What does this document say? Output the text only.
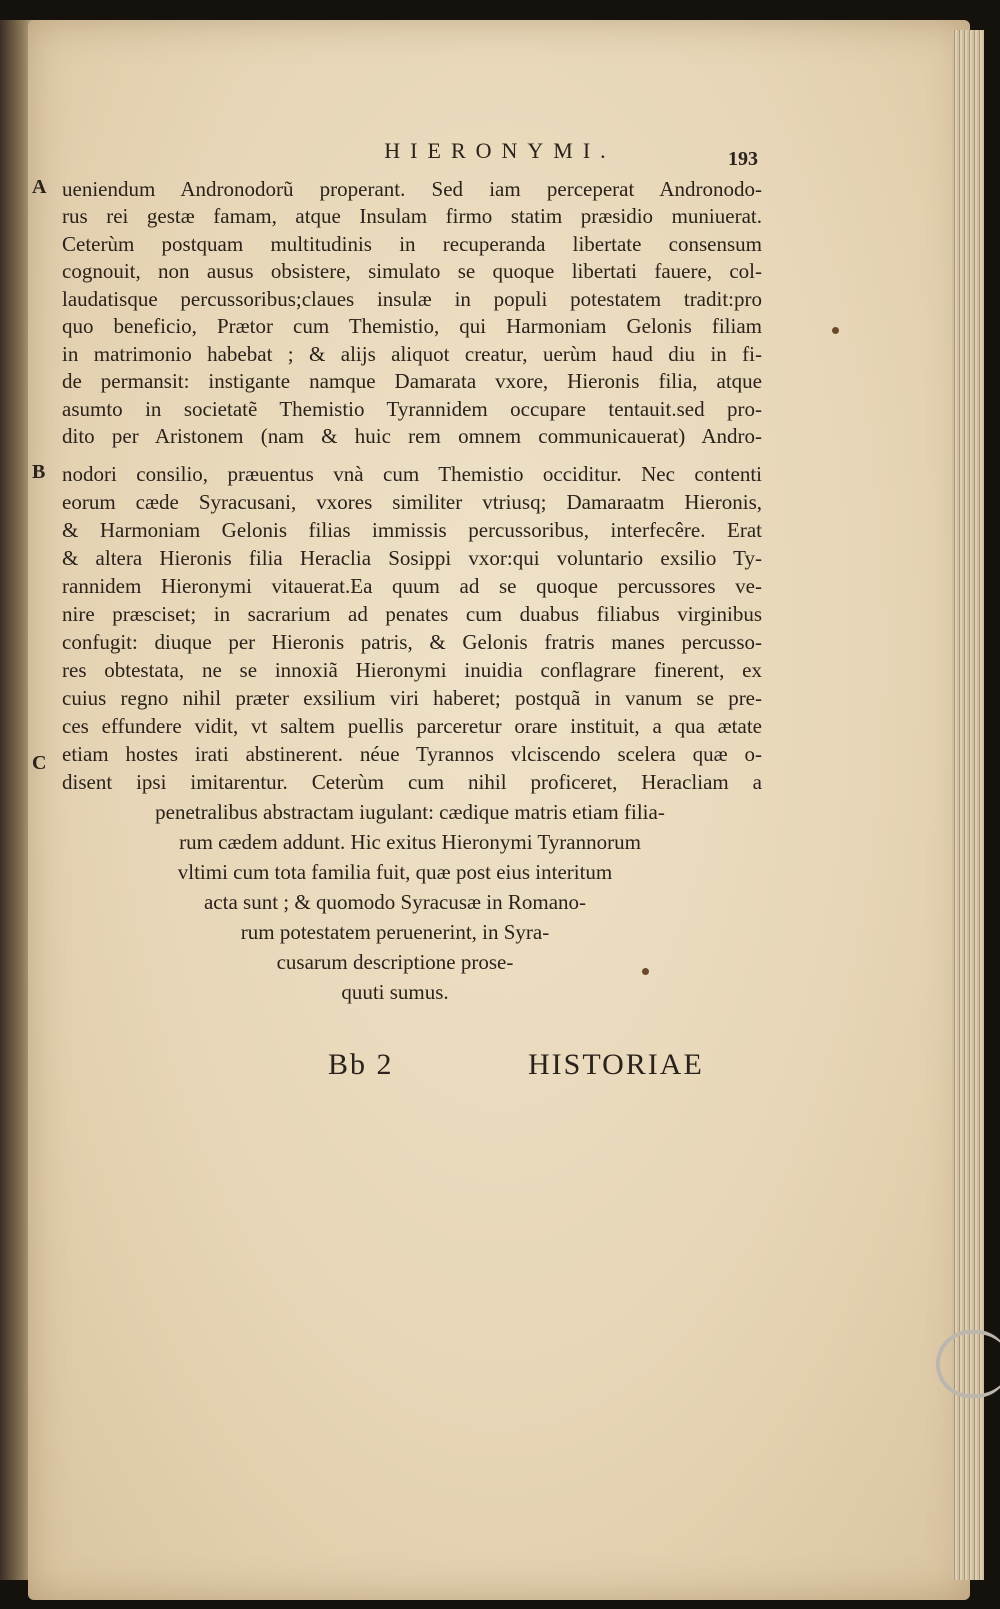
HIERONYMI.	193
A
B
C
ueniendum Andronodorũ properant. Sed iam perceperat Andronodo-
rus rei gestæ famam, atque Insulam firmo statim præsidio muniuerat.
Ceterùm postquam multitudinis in recuperanda libertate consensum
cognouit, non ausus obsistere, simulato se quoque libertati fauere, col-
laudatisque percussoribus;claues insulæ in populi potestatem tradit:pro
quo beneficio, Prætor cum Themistio, qui Harmoniam Gelonis filiam
in matrimonio habebat ; & alijs aliquot creatur, uerùm haud diu in fi-
de permansit: instigante namque Damarata vxore, Hieronis filia, atque
asumto in societatẽ Themistio Tyrannidem occupare tentauit.sed pro-
dito per Aristonem (nam & huic rem omnem communicauerat) Andro-
nodori consilio, præuentus vnà cum Themistio occiditur. Nec contenti
eorum cæde Syracusani, vxores similiter vtriusq; Damaraatm Hieronis,
& Harmoniam Gelonis filias immissis percussoribus, interfecêre. Erat
& altera Hieronis filia Heraclia Sosippi vxor:qui voluntario exsilio Ty-
rannidem Hieronymi vitauerat.Ea quum ad se quoque percussores ve-
nire præsciset; in sacrarium ad penates cum duabus filiabus virginibus
confugit: diuque per Hieronis patris, & Gelonis fratris manes percusso-
res obtestata, ne se innoxiã Hieronymi inuidia conflagrare finerent, ex
cuius regno nihil præter exsilium viri haberet; postquã in vanum se pre-
ces effundere vidit, vt saltem puellis parceretur orare instituit, a qua ætate
etiam hostes irati abstinerent. néue Tyrannos vlciscendo scelera quæ o-
disent ipsi imitarentur. Ceterùm cum nihil proficeret, Heracliam a
penetralibus abstractam iugulant: cædique matris etiam filia-
rum cædem addunt. Hic exitus Hieronymi Tyrannorum
vltimi cum tota familia fuit, quæ post eius interitum
acta sunt ; & quomodo Syracusæ in Romano-
rum potestatem peruenerint, in Syra-
cusarum descriptione prose-
quuti sumus.
Bb 2	HISTORIAE
